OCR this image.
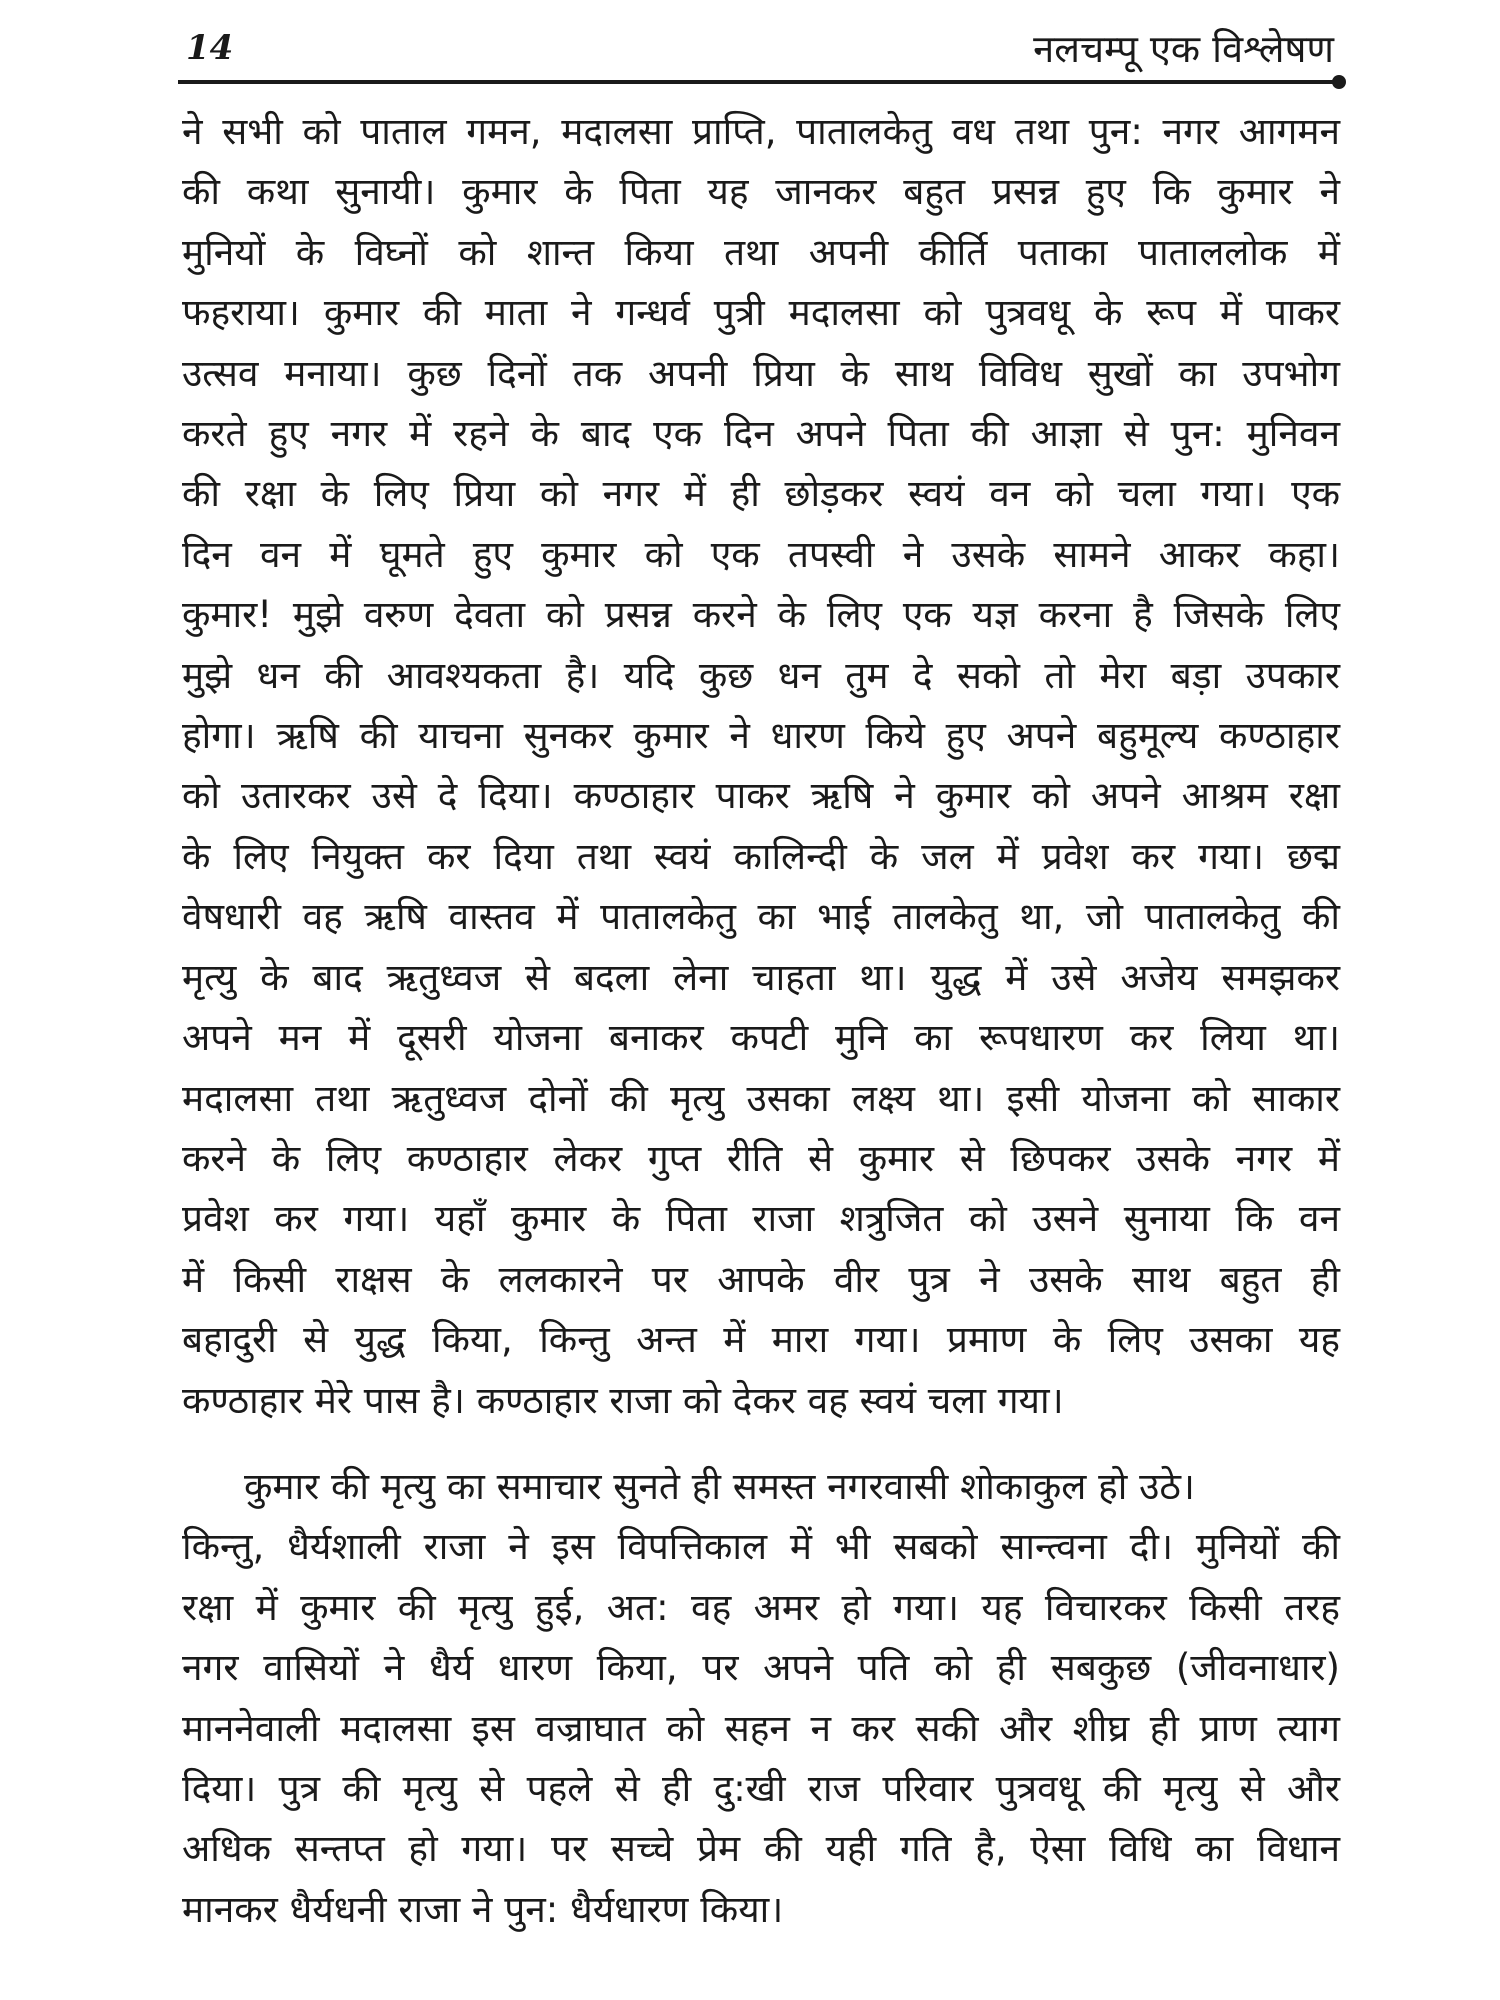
14	नलचम्पू एक विश्लेषण
ने सभी को पाताल गमन, मदालसा प्राप्ति, पातालकेतु वध तथा पुन: नगर आगमन
की कथा सुनायी। कुमार के पिता यह जानकर बहुत प्रसन्न हुए कि कुमार ने
मुनियों के विघ्नों को शान्त किया तथा अपनी कीर्ति पताका पाताललोक में
फहराया। कुमार की माता ने गन्धर्व पुत्री मदालसा को पुत्रवधू के रूप में पाकर
उत्सव मनाया। कुछ दिनों तक अपनी प्रिया के साथ विविध सुखों का उपभोग
करते हुए नगर में रहने के बाद एक दिन अपने पिता की आज्ञा से पुन: मुनिवन
की रक्षा के लिए प्रिया को नगर में ही छोड़कर स्वयं वन को चला गया। एक
दिन वन में घूमते हुए कुमार को एक तपस्वी ने उसके सामने आकर कहा।
कुमार! मुझे वरुण देवता को प्रसन्न करने के लिए एक यज्ञ करना है जिसके लिए
मुझे धन की आवश्यकता है। यदि कुछ धन तुम दे सको तो मेरा बड़ा उपकार
होगा। ऋषि की याचना सुनकर कुमार ने धारण किये हुए अपने बहुमूल्य कण्ठाहार
को उतारकर उसे दे दिया। कण्ठाहार पाकर ऋषि ने कुमार को अपने आश्रम रक्षा
के लिए नियुक्त कर दिया तथा स्वयं कालिन्दी के जल में प्रवेश कर गया। छद्म
वेषधारी वह ऋषि वास्तव में पातालकेतु का भाई तालकेतु था, जो पातालकेतु की
मृत्यु के बाद ऋतुध्वज से बदला लेना चाहता था। युद्ध में उसे अजेय समझकर
अपने मन में दूसरी योजना बनाकर कपटी मुनि का रूपधारण कर लिया था।
मदालसा तथा ऋतुध्वज दोनों की मृत्यु उसका लक्ष्य था। इसी योजना को साकार
करने के लिए कण्ठाहार लेकर गुप्त रीति से कुमार से छिपकर उसके नगर में
प्रवेश कर गया। यहाँ कुमार के पिता राजा शत्रुजित को उसने सुनाया कि वन
में किसी राक्षस के ललकारने पर आपके वीर पुत्र ने उसके साथ बहुत ही
बहादुरी से युद्ध किया, किन्तु अन्त में मारा गया। प्रमाण के लिए उसका यह
कण्ठाहार मेरे पास है। कण्ठाहार राजा को देकर वह स्वयं चला गया।
कुमार की मृत्यु का समाचार सुनते ही समस्त नगरवासी शोकाकुल हो उठे।
किन्तु, धैर्यशाली राजा ने इस विपत्तिकाल में भी सबको सान्त्वना दी। मुनियों की
रक्षा में कुमार की मृत्यु हुई, अत: वह अमर हो गया। यह विचारकर किसी तरह
नगर वासियों ने धैर्य धारण किया, पर अपने पति को ही सबकुछ (जीवनाधार)
माननेवाली मदालसा इस वज्राघात को सहन न कर सकी और शीघ्र ही प्राण त्याग
दिया। पुत्र की मृत्यु से पहले से ही दु:खी राज परिवार पुत्रवधू की मृत्यु से और
अधिक सन्तप्त हो गया। पर सच्चे प्रेम की यही गति है, ऐसा विधि का विधान
मानकर धैर्यधनी राजा ने पुन: धैर्यधारण किया।
